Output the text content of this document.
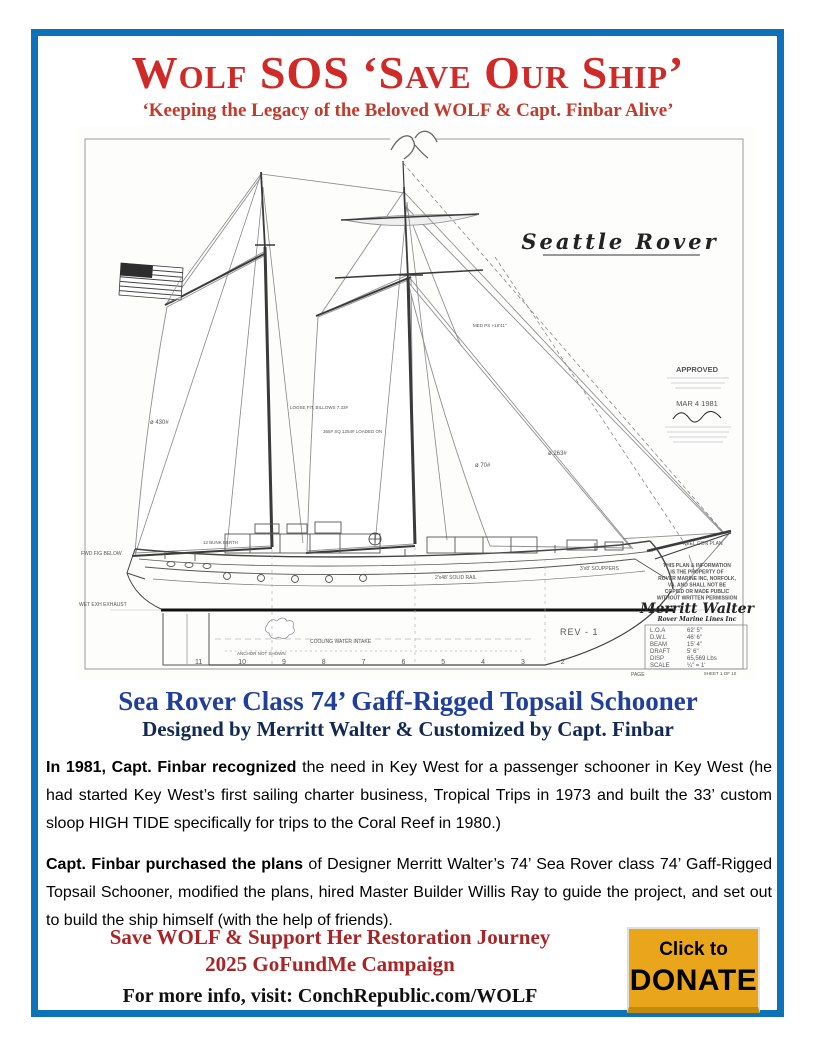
Wolf SOS ‘Save Our Ship’
‘Keeping the Legacy of the Beloved WOLF & Capt. Finbar Alive’
Seattle Rover
APPROVED
MAR 4 1981
THIS PLAN & INFORMATION
IS THE PROPERTY OF
ROVER MARINE INC, NORFOLK,
VA. AND SHALL NOT BE
COPIED OR MADE PUBLIC
WITHOUT WRITTEN PERMISSION
Merritt Walter
Rover Marine Lines Inc
L.O.A	62' 5"
D.W.L	46' 6"
BEAM	15' 4"
DRAFT	5' 6"
DISP	65,569 Lbs
SCALE	¼" = 1'
SHEET 1 OF 10
ø 430#
LOOSE FIT, BILLOWS 7.33#
365# SQ 1254# LOADED ON
ø 70#
ø 263#
MED PS +18'41"
KEEL CON PLAN
3'x8' SCUPPERS
2'x48' SOLID RAIL
12 BUNK BERTH
COOLING WATER INTAKE
ANCHOR NOT SHOWN
FWD FIG BELOW
WET EXH EXHAUST
11 10 9 8 7 6 5 4 3 2
REV - 1
PAGE
Sea Rover Class 74’ Gaff-Rigged Topsail Schooner
Designed by Merritt Walter & Customized by Capt. Finbar

In 1981, Capt. Finbar recognized the need in Key West for a passenger schooner in Key West (he had started Key West’s first sailing charter business, Tropical Trips in 1973 and built the 33’ custom sloop HIGH TIDE specifically for trips to the Coral Reef in 1980.)

Capt. Finbar purchased the plans of Designer Merritt Walter’s 74’ Sea Rover class 74’ Gaff-Rigged Topsail Schooner, modified the plans, hired Master Builder Willis Ray to guide the project, and set out to build the ship himself (with the help of friends).

Save WOLF & Support Her Restoration Journey
2025 GoFundMe Campaign
For more info, visit: ConchRepublic.com/WOLF
Click to
DONATE
